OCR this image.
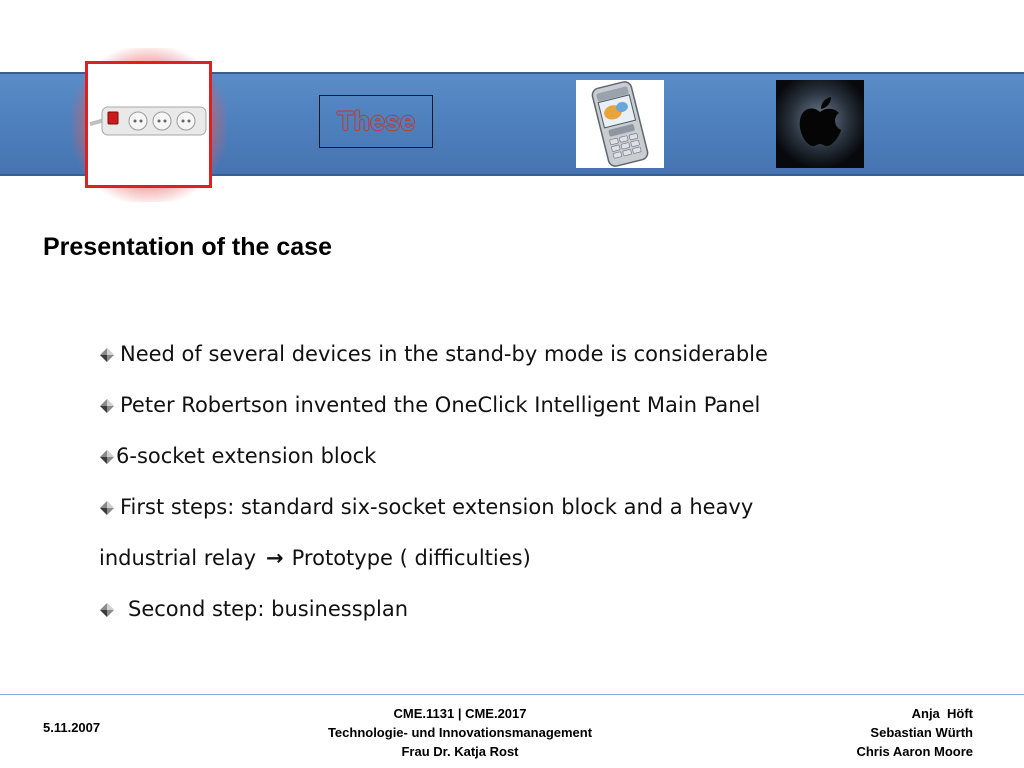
These
Presentation of the case
Need of several devices in the stand-by mode is considerable
Peter Robertson invented the OneClick Intelligent Main Panel
6-socket extension block
First steps: standard six-socket extension block and a heavy
industrial relay → Prototype ( difficulties)
Second step: businessplan
5.11.2007
CME.1131 | CME.2017
Technologie- und Innovationsmanagement
Frau Dr. Katja Rost
Anja  Höft
Sebastian Würth
Chris Aaron Moore
